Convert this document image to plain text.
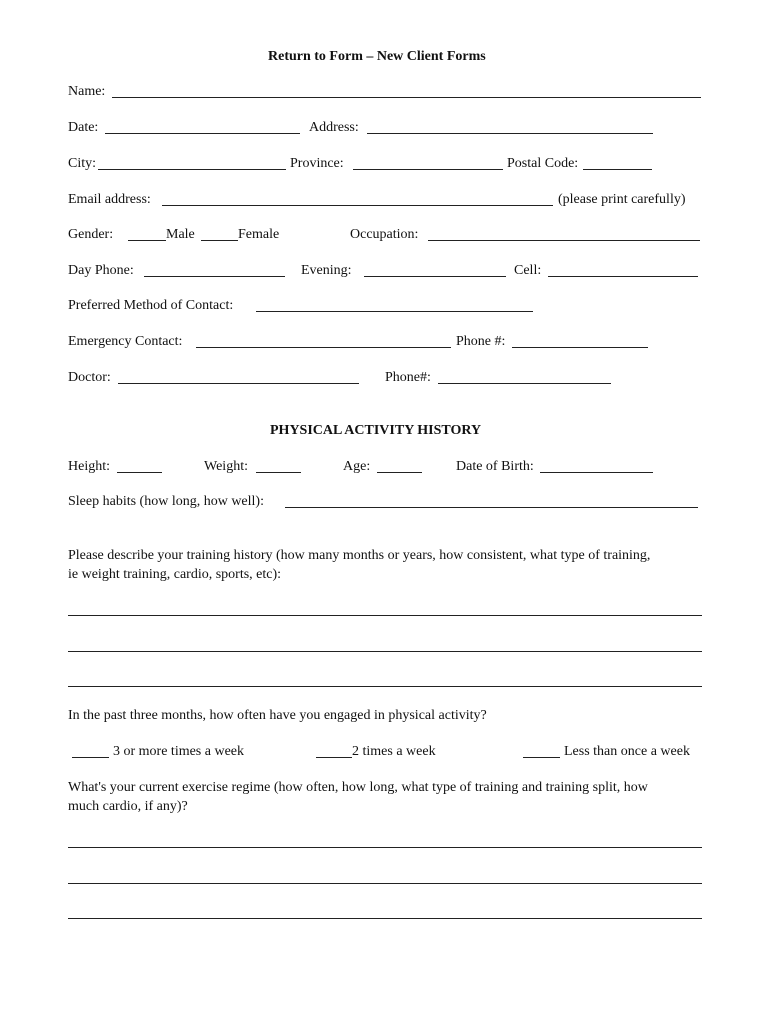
Return to Form – New Client Forms
Name:
Date:	Address:
City:	Province:	Postal Code:
Email address:	(please print carefully)
Gender:	Male	Female	Occupation:
Day Phone:	Evening:	Cell:
Preferred Method of Contact:
Emergency Contact:	Phone #:
Doctor:	Phone#:
PHYSICAL ACTIVITY HISTORY
Height:	Weight:	Age:	Date of Birth:
Sleep habits (how long, how well):
Please describe your training history (how many months or years, how consistent, what type of training,
ie weight training, cardio, sports, etc):
In the past three months, how often have you engaged in physical activity?
3 or more times a week	2 times a week	Less than once a week
What's your current exercise regime (how often, how long, what type of training and training split, how
much cardio, if any)?
